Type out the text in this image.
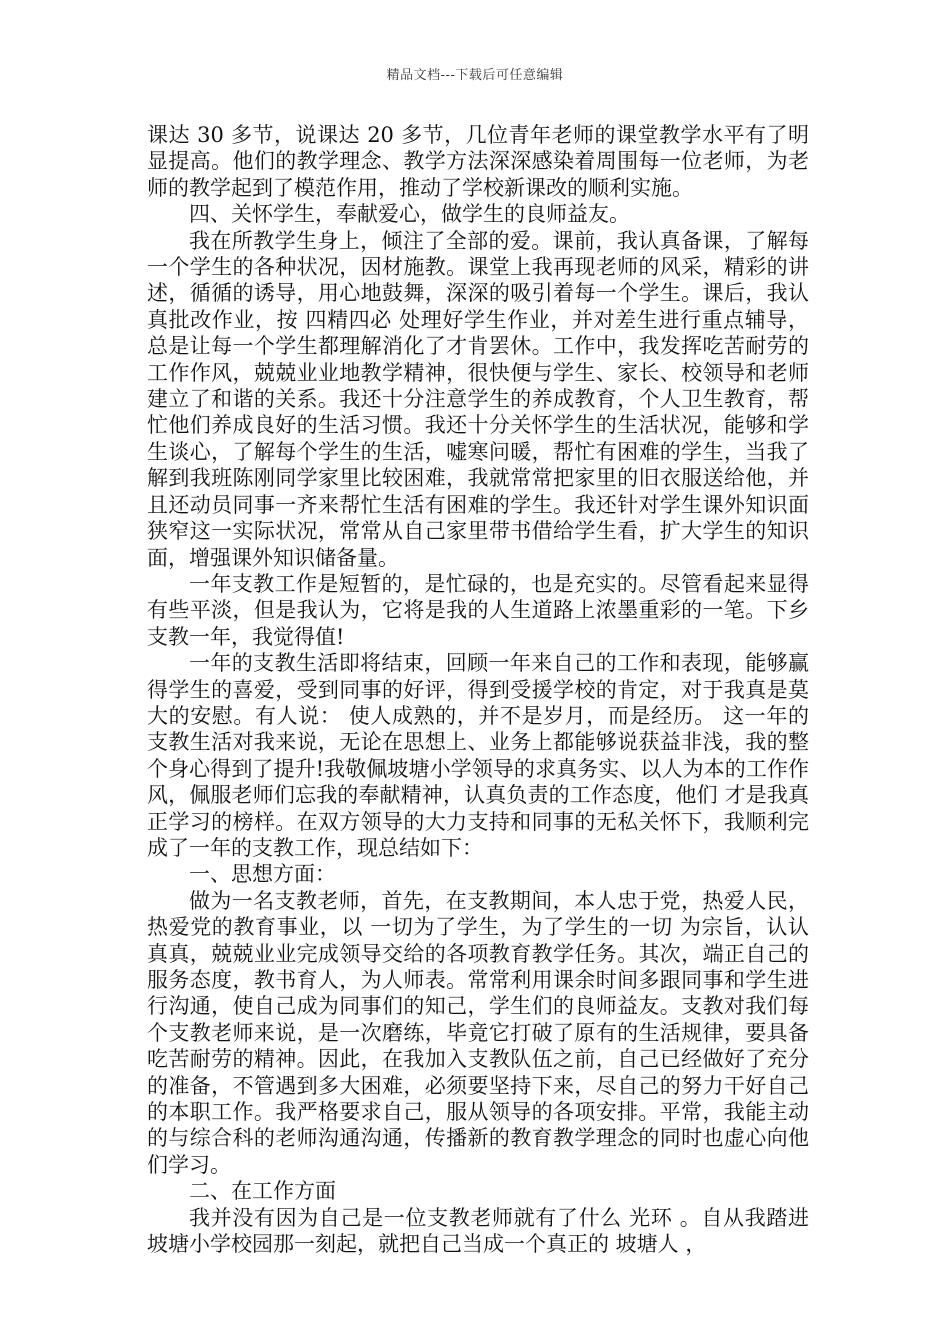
精品文档---下载后可任意编辑

课达 30 多节，说课达 20 多节，几位青年老师的课堂教学水平有了明显提高。他们的教学理念、教学方法深深感染着周围每一位老师，为老师的教学起到了模范作用，推动了学校新课改的顺利实施。

四、关怀学生，奉献爱心，做学生的良师益友。

我在所教学生身上，倾注了全部的爱。课前，我认真备课，了解每一个学生的各种状况，因材施教。课堂上我再现老师的风采，精彩的讲述，循循的诱导，用心地鼓舞，深深的吸引着每一个学生。课后，我认真批改作业，按 四精四必 处理好学生作业，并对差生进行重点辅导，总是让每一个学生都理解消化了才肯罢休。工作中，我发挥吃苦耐劳的工作作风，兢兢业业地教学精神，很快便与学生、家长、校领导和老师建立了和谐的关系。我还十分注意学生的养成教育，个人卫生教育，帮忙他们养成良好的生活习惯。我还十分关怀学生的生活状况，能够和学生谈心，了解每个学生的生活，嘘寒问暖，帮忙有困难的学生，当我了解到我班陈刚同学家里比较困难，我就常常把家里的旧衣服送给他，并且还动员同事一齐来帮忙生活有困难的学生。我还针对学生课外知识面狭窄这一实际状况，常常从自己家里带书借给学生看，扩大学生的知识面，增强课外知识储备量。

一年支教工作是短暂的，是忙碌的，也是充实的。尽管看起来显得有些平淡，但是我认为，它将是我的人生道路上浓墨重彩的一笔。下乡支教一年，我觉得值!

一年的支教生活即将结束，回顾一年来自己的工作和表现，能够赢得学生的喜爱，受到同事的好评，得到受援学校的肯定，对于我真是莫大的安慰。有人说： 使人成熟的，并不是岁月，而是经历。 这一年的支教生活对我来说，无论在思想上、业务上都能够说获益非浅，我的整个身心得到了提升!我敬佩坡塘小学领导的求真务实、以人为本的工作作风，佩服老师们忘我的奉献精神，认真负责的工作态度，他们 才是我真正学习的榜样。在双方领导的大力支持和同事的无私关怀下，我顺利完成了一年的支教工作，现总结如下：

一、思想方面：

做为一名支教老师，首先，在支教期间，本人忠于党，热爱人民，热爱党的教育事业，以 一切为了学生，为了学生的一切 为宗旨，认认真真，兢兢业业完成领导交给的各项教育教学任务。其次，端正自己的服务态度，教书育人，为人师表。常常利用课余时间多跟同事和学生进行沟通，使自己成为同事们的知己，学生们的良师益友。支教对我们每个支教老师来说，是一次磨练，毕竟它打破了原有的生活规律，要具备吃苦耐劳的精神。因此，在我加入支教队伍之前，自己已经做好了充分的准备，不管遇到多大困难，必须要坚持下来，尽自己的努力干好自己的本职工作。我严格要求自己，服从领导的各项安排。平常，我能主动的与综合科的老师沟通沟通，传播新的教育教学理念的同时也虚心向他们学习。

二、在工作方面

我并没有因为自己是一位支教老师就有了什么 光环 。自从我踏进坡塘小学校园那一刻起，就把自己当成一个真正的 坡塘人 ，
